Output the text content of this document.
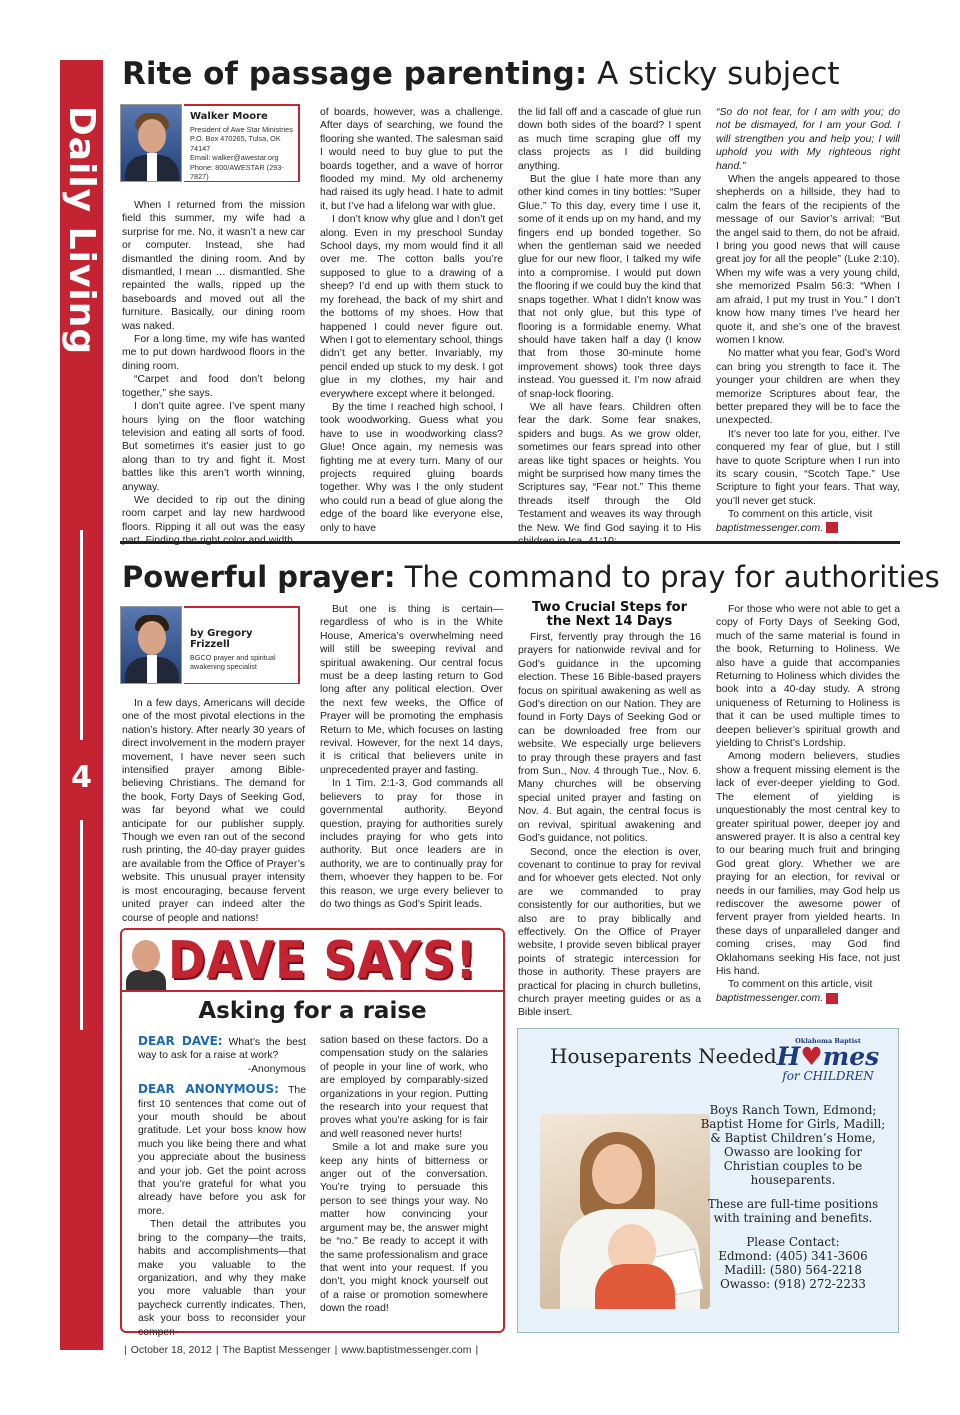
Daily Living
4
Rite of passage parenting: A sticky subject
Walker Moore
President of Awe Star Ministries
P.O. Box 470265, Tulsa, OK 74147
Email: walker@awestar.org
Phone: 800/AWESTAR (293-7827)

When I returned from the mission field this summer, my wife had a surprise for me. No, it wasn’t a new car or computer. Instead, she had dismantled the dining room. And by dismantled, I mean … dismantled. She repainted the walls, ripped up the baseboards and moved out all the furniture. Basically, our dining room was naked.

For a long time, my wife has wanted me to put down hardwood floors in the dining room.

“Carpet and food don’t belong together,” she says.

I don’t quite agree. I’ve spent many hours lying on the floor watching television and eating all sorts of food. But sometimes it’s easier just to go along than to try and fight it. Most battles like this aren’t worth winning, anyway.

We decided to rip out the dining room carpet and lay new hardwood floors. Ripping it all out was the easy

of boards, however, was a challenge. After days of searching, we found the flooring she wanted. The salesman said I would need to buy glue to put the boards together, and a wave of horror flooded my mind. My old archenemy had raised its ugly head. I hate to admit it, but I’ve had a lifelong war with glue.

I don’t know why glue and I don’t get along. Even in my preschool Sunday School days, my mom would find it all over me. The cotton balls you’re supposed to glue to a drawing of a sheep? I’d end up with them stuck to my forehead, the back of my shirt and the bottoms of my shoes. How that happened I could never figure out. When I got to elementary school, things didn’t get any better. Invariably, my pencil ended up stuck to my desk. I got glue in my clothes, my hair and everywhere except where it belonged.

By the time I reached high school, I took woodworking. Guess what you have to use in woodworking class? Glue! Once again, my nemesis was fighting me at every turn. Many of our projects required gluing boards together. Why was I the only student who could run a bead of glue along the edge of the board like everyone else, only to have

the lid fall off and a cascade of glue run down both sides of the board? I spent as much time scraping glue off my class projects as I did building anything.

But the glue I hate more than any other kind comes in tiny bottles: “Super Glue.” To this day, every time I use it, some of it ends up on my hand, and my fingers end up bonded together. So when the gentleman said we needed glue for our new floor, I talked my wife into a compromise. I would put down the flooring if we could buy the kind that snaps together. What I didn’t know was that not only glue, but this type of flooring is a formidable enemy. What should have taken half a day (I know that from those 30-minute home improvement shows) took three days instead. You guessed it. I’m now afraid of snap-lock flooring.

We all have fears. Children often fear the dark. Some fear snakes, spiders and bugs. As we grow older, sometimes our fears spread into other areas like tight spaces or heights. You might be surprised how many times the Scriptures say, “Fear not.” This theme threads itself through the Old Testament and weaves its way through the New. We find God saying it to His

“So do not fear, for I am with you; do not be dismayed, for I am your God. I will strengthen you and help you; I will uphold you with My righteous right hand.”

When the angels appeared to those shepherds on a hillside, they had to calm the fears of the recipients of the message of our Savior’s arrival: “But the angel said to them, do not be afraid. I bring you good news that will cause great joy for all the people” (Luke 2:10). When my wife was a very young child, she memorized Psalm 56:3: “When I am afraid, I put my trust in You.” I don’t know how many times I’ve heard her quote it, and she’s one of the bravest women I know.

No matter what you fear, God’s Word can bring you strength to face it. The younger your children are when they memorize Scriptures about fear, the better prepared they will be to face the unexpected.

It’s never too late for you, either. I’ve conquered my fear of glue, but I still have to quote Scripture when I run into its scary cousin, “Scotch Tape.” Use Scripture to fight your fears. That way, you’ll never get stuck.

To comment on this article, visit
baptistmessenger.com. m

Powerful prayer: The command to pray for authorities
by Gregory Frizzell
BGCO prayer and spiritual
awakening specialist

In a few days, Americans will decide one of the most pivotal elections in the nation’s history. After nearly 30 years of direct involvement in the modern prayer movement, I have never seen such intensified prayer among Bible-believing Christians. The demand for the book, Forty Days of Seeking God, was far beyond what we could anticipate for our publisher supply. Though we even ran out of the second rush printing, the 40-day prayer guides are available from the Office of Prayer’s website. This unusual prayer intensity is most encouraging, because fervent united prayer can indeed alter the course of people and nations!

But one is thing is certain—regardless of who is in the White House, America’s overwhelming need will still be sweeping revival and spiritual awakening. Our central focus must be a deep lasting return to God long after any political election. Over the next few weeks, the Office of Prayer will be promoting the emphasis Return to Me, which focuses on lasting revival. However, for the next 14 days, it is critical that believers unite in unprecedented prayer and fasting.

In 1 Tim. 2:1-3, God commands all believers to pray for those in governmental authority. Beyond question, praying for authorities surely includes praying for who gets into authority. But once leaders are in authority, we are to continually pray for them, whoever they happen to be. For this reason, we urge every believer to do two things as God’s Spirit leads.

Two Crucial Steps for the Next 14 Days

First, fervently pray through the 16 prayers for nationwide revival and for God’s guidance in the upcoming election. These 16 Bible-based prayers focus on spiritual awakening as well as God’s direction on our Nation. They are found in Forty Days of Seeking God or can be downloaded free from our website. We especially urge believers to pray through these prayers and fast from Sun., Nov. 4 through Tue., Nov. 6. Many churches will be observing special united prayer and fasting on Nov. 4. But again, the central focus is on revival, spiritual awakening and God’s guidance, not politics.

Second, once the election is over, covenant to continue to pray for revival and for whoever gets elected. Not only are we commanded to pray consistently for our authorities, but we also are to pray biblically and effectively. On the Office of Prayer website, I provide seven biblical prayer points of strategic intercession for those in authority. These prayers are practical for placing in church bulletins, church prayer meeting guides or as a Bible insert.

For those who were not able to get a copy of Forty Days of Seeking God, much of the same material is found in the book, Returning to Holiness. We also have a guide that accompanies Returning to Holiness which divides the book into a 40-day study. A strong uniqueness of Returning to Holiness is that it can be used multiple times to deepen believer’s spiritual growth and yielding to Christ’s Lordship.

Among modern believers, studies show a frequent missing element is the lack of ever-deeper yielding to God. The element of yielding is unquestionably the most central key to greater spiritual power, deeper joy and answered prayer. It is also a central key to our bearing much fruit and bringing God great glory. Whether we are praying for an election, for revival or needs in our families, may God help us rediscover the awesome power of fervent prayer from yielded hearts. In these days of unparalleled danger and coming crises, may God find Oklahomans seeking His face, not just His hand.

To comment on this article, visit
baptistmessenger.com. m

DAVE SAYS!
Asking for a raise

DEAR DAVE: What’s the best way to ask for a raise at work?

-Anonymous

DEAR ANONYMOUS: The first 10 sentences that come out of your mouth should be about gratitude. Let your boss know how much you like being there and what you appreciate about the business and your job. Get the point across that you’re grateful for what you already have before you ask for more.

Then detail the attributes you bring to the company—the traits, habits and accomplishments—that make you valuable to the organization, and why they make you more valuable than your paycheck currently indicates. Then, ask your boss to reconsider your compen-

sation based on these factors. Do a compensation study on the salaries of people in your line of work, who are employed by comparably-sized organizations in your region. Putting the research into your request that proves what you’re asking for is fair and well reasoned never hurts!

Smile a lot and make sure you keep any hints of bitterness or anger out of the conversation. You’re trying to persuade this person to see things your way. No matter how convincing your argument may be, the answer might be “no.” Be ready to accept it with the same professionalism and grace that went into your request. If you don’t, you might knock yourself out of a raise or promotion somewhere down the road!

Houseparents Needed
Oklahoma Baptist
H♥mes
for CHILDREN

Boys Ranch Town, Edmond; Baptist Home for Girls, Madill; & Baptist Children’s Home, Owasso are looking for Christian couples to be houseparents.

These are full-time positions with training and benefits.

Please Contact:
Edmond: (405) 341-3606
Madill: (580) 564-2218
Owasso: (918) 272-2233
| October 18, 2012 | The Baptist Messenger | www.baptistmessenger.com |
